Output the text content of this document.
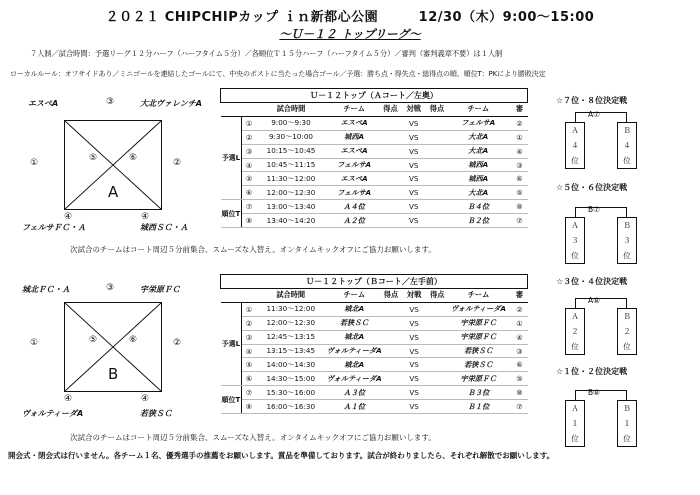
２０２１ CHIPCHIPカップ ｉｎ新都心公園　　　12/30（木）9:00〜15:00
〜Ｕ－１２ トップリーグ〜
７人制／試合時間：予選リーグ１２分ハーフ（ハーフタイム５分）／各順位Ｔ１５分ハーフ（ハーフタイム５分）／審判（審判義章不要）は１人制
ローカルルール：オフサイドあり／ミニゴールを連結したゴールにて、中央のポストに当たった場合ゴール／予選：勝ち点・得失点・総得点の順、順位T：PKにより勝敗決定
エスペA	③	大北ヴァレンチA
①	②
⑤	⑥
A
④	④
フェルサＦＣ・Ａ	城西ＳＣ・Ａ
Ｕ－１２トップ（Ａコート／左奥）								
		試合時間	チーム	得点	対戦	得点	チーム	審
予選L	①	9:00〜9:30	エスペA		VS		フェルサA	②
	②	9:30〜10:00	城西A		VS		大北A	①
	③	10:15〜10:45	エスペA		VS		大北A	④
	④	10:45〜11:15	フェルサA		VS		城西A	③
	⑤	11:30〜12:00	エスペA		VS		城西A	⑥
	⑥	12:00〜12:30	フェルサA		VS		大北A	⑤
順位T	⑦	13:00〜13:40	Ａ４位		VS		Ｂ４位	⑧
	⑧	13:40〜14:20	Ａ２位		VS		Ｂ２位	⑦
次試合のチームはコート周辺５分前集合、スムーズな入替え。オンタイムキックオフにご協力お願いします。
城北ＦＣ・Ａ	③	宇栄原ＦＣ
①	②
⑤	⑥
B
④	④
ヴォルティーダA	若狭ＳＣ
Ｕ－１２トップ（Ｂコート／左手前）								
		試合時間	チーム	得点	対戦	得点	チーム	審
予選L	①	11:30〜12:00	城北A		VS		ヴォルティーダA	②
	②	12:00〜12:30	若狭ＳＣ		VS		宇栄原ＦＣ	①
	③	12:45〜13:15	城北A		VS		宇栄原ＦＣ	④
	④	13:15〜13:45	ヴォルティーダA		VS		若狭ＳＣ	③
	⑤	14:00〜14:30	城北A		VS		若狭ＳＣ	⑥
	⑥	14:30〜15:00	ヴォルティーダA		VS		宇栄原ＦＣ	⑤
順位T	⑦	15:30〜16:00	Ａ３位		VS		Ｂ３位	⑧
	⑧	16:00〜16:30	Ａ１位		VS		Ｂ１位	⑦
次試合のチームはコート周辺５分前集合、スムーズな入替え。オンタイムキックオフにご協力お願いします。
☆７位・８位決定戦
A⑦
Ａ
４
位
Ｂ
４
位
☆５位・６位決定戦
B⑦
Ａ
３
位
Ｂ
３
位
☆３位・４位決定戦
A⑧
Ａ
２
位
Ｂ
２
位
☆１位・２位決定戦
B⑧
Ａ
１
位
Ｂ
１
位
開会式・閉会式は行いません。各チーム１名、優秀選手の推薦をお願いします。賞品を準備しております。試合が終わりましたら、それぞれ解散でお願いします。
